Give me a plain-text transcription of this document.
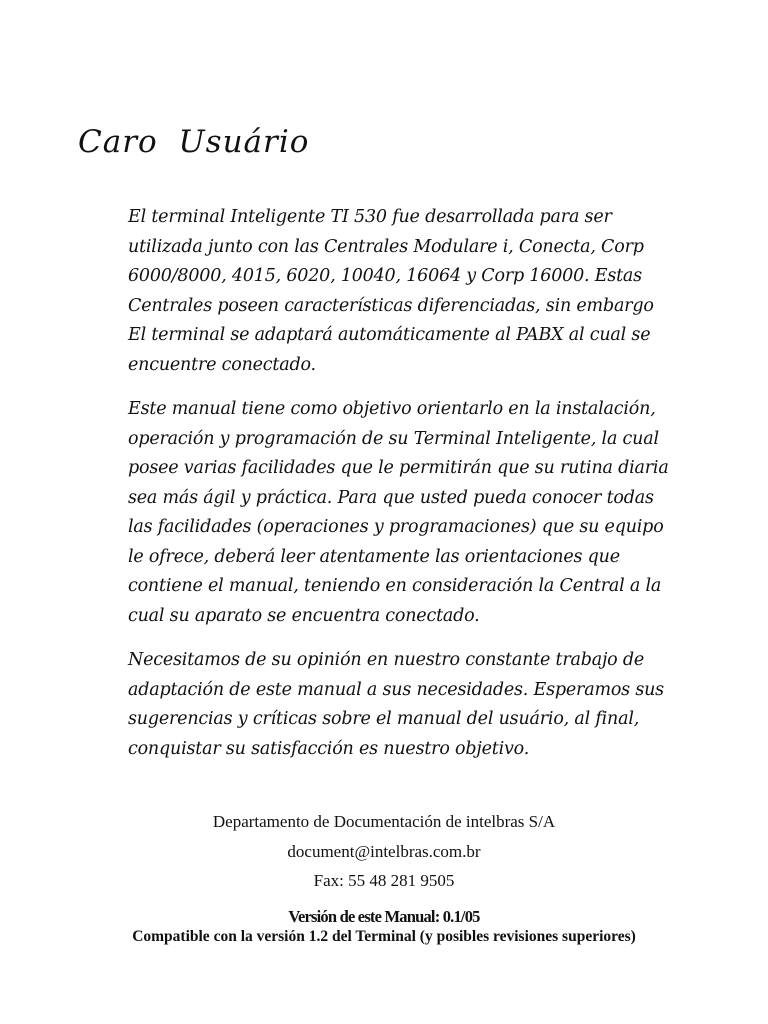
Caro Usuário

El terminal Inteligente TI 530 fue desarrollada para ser utilizada junto con las Centrales Modulare i, Conecta, Corp 6000/8000, 4015, 6020, 10040, 16064 y Corp 16000. Estas Centrales poseen características diferenciadas, sin embargo El terminal se adaptará automáticamente al PABX al cual se encuentre conectado.

Este manual tiene como objetivo orientarlo en la instalación, operación y programación de su Terminal Inteligente, la cual posee varias facilidades que le permitirán que su rutina diaria sea más ágil y práctica. Para que usted pueda conocer todas las facilidades (operaciones y programaciones) que su equipo le ofrece, deberá leer atentamente las orientaciones que contiene el manual, teniendo en consideración la Central a la cual su aparato se encuentra conectado.

Necesitamos de su opinión en nuestro constante trabajo de adaptación de este manual a sus necesidades. Esperamos sus sugerencias y críticas sobre el manual del usuário, al final, conquistar su satisfacción es nuestro objetivo.

Departamento de Documentación de intelbras S/A
document@intelbras.com.br
Fax: 55 48 281 9505
Versión de este Manual: 0.1/05
Compatible con la versión 1.2 del Terminal (y posibles revisiones superiores)
